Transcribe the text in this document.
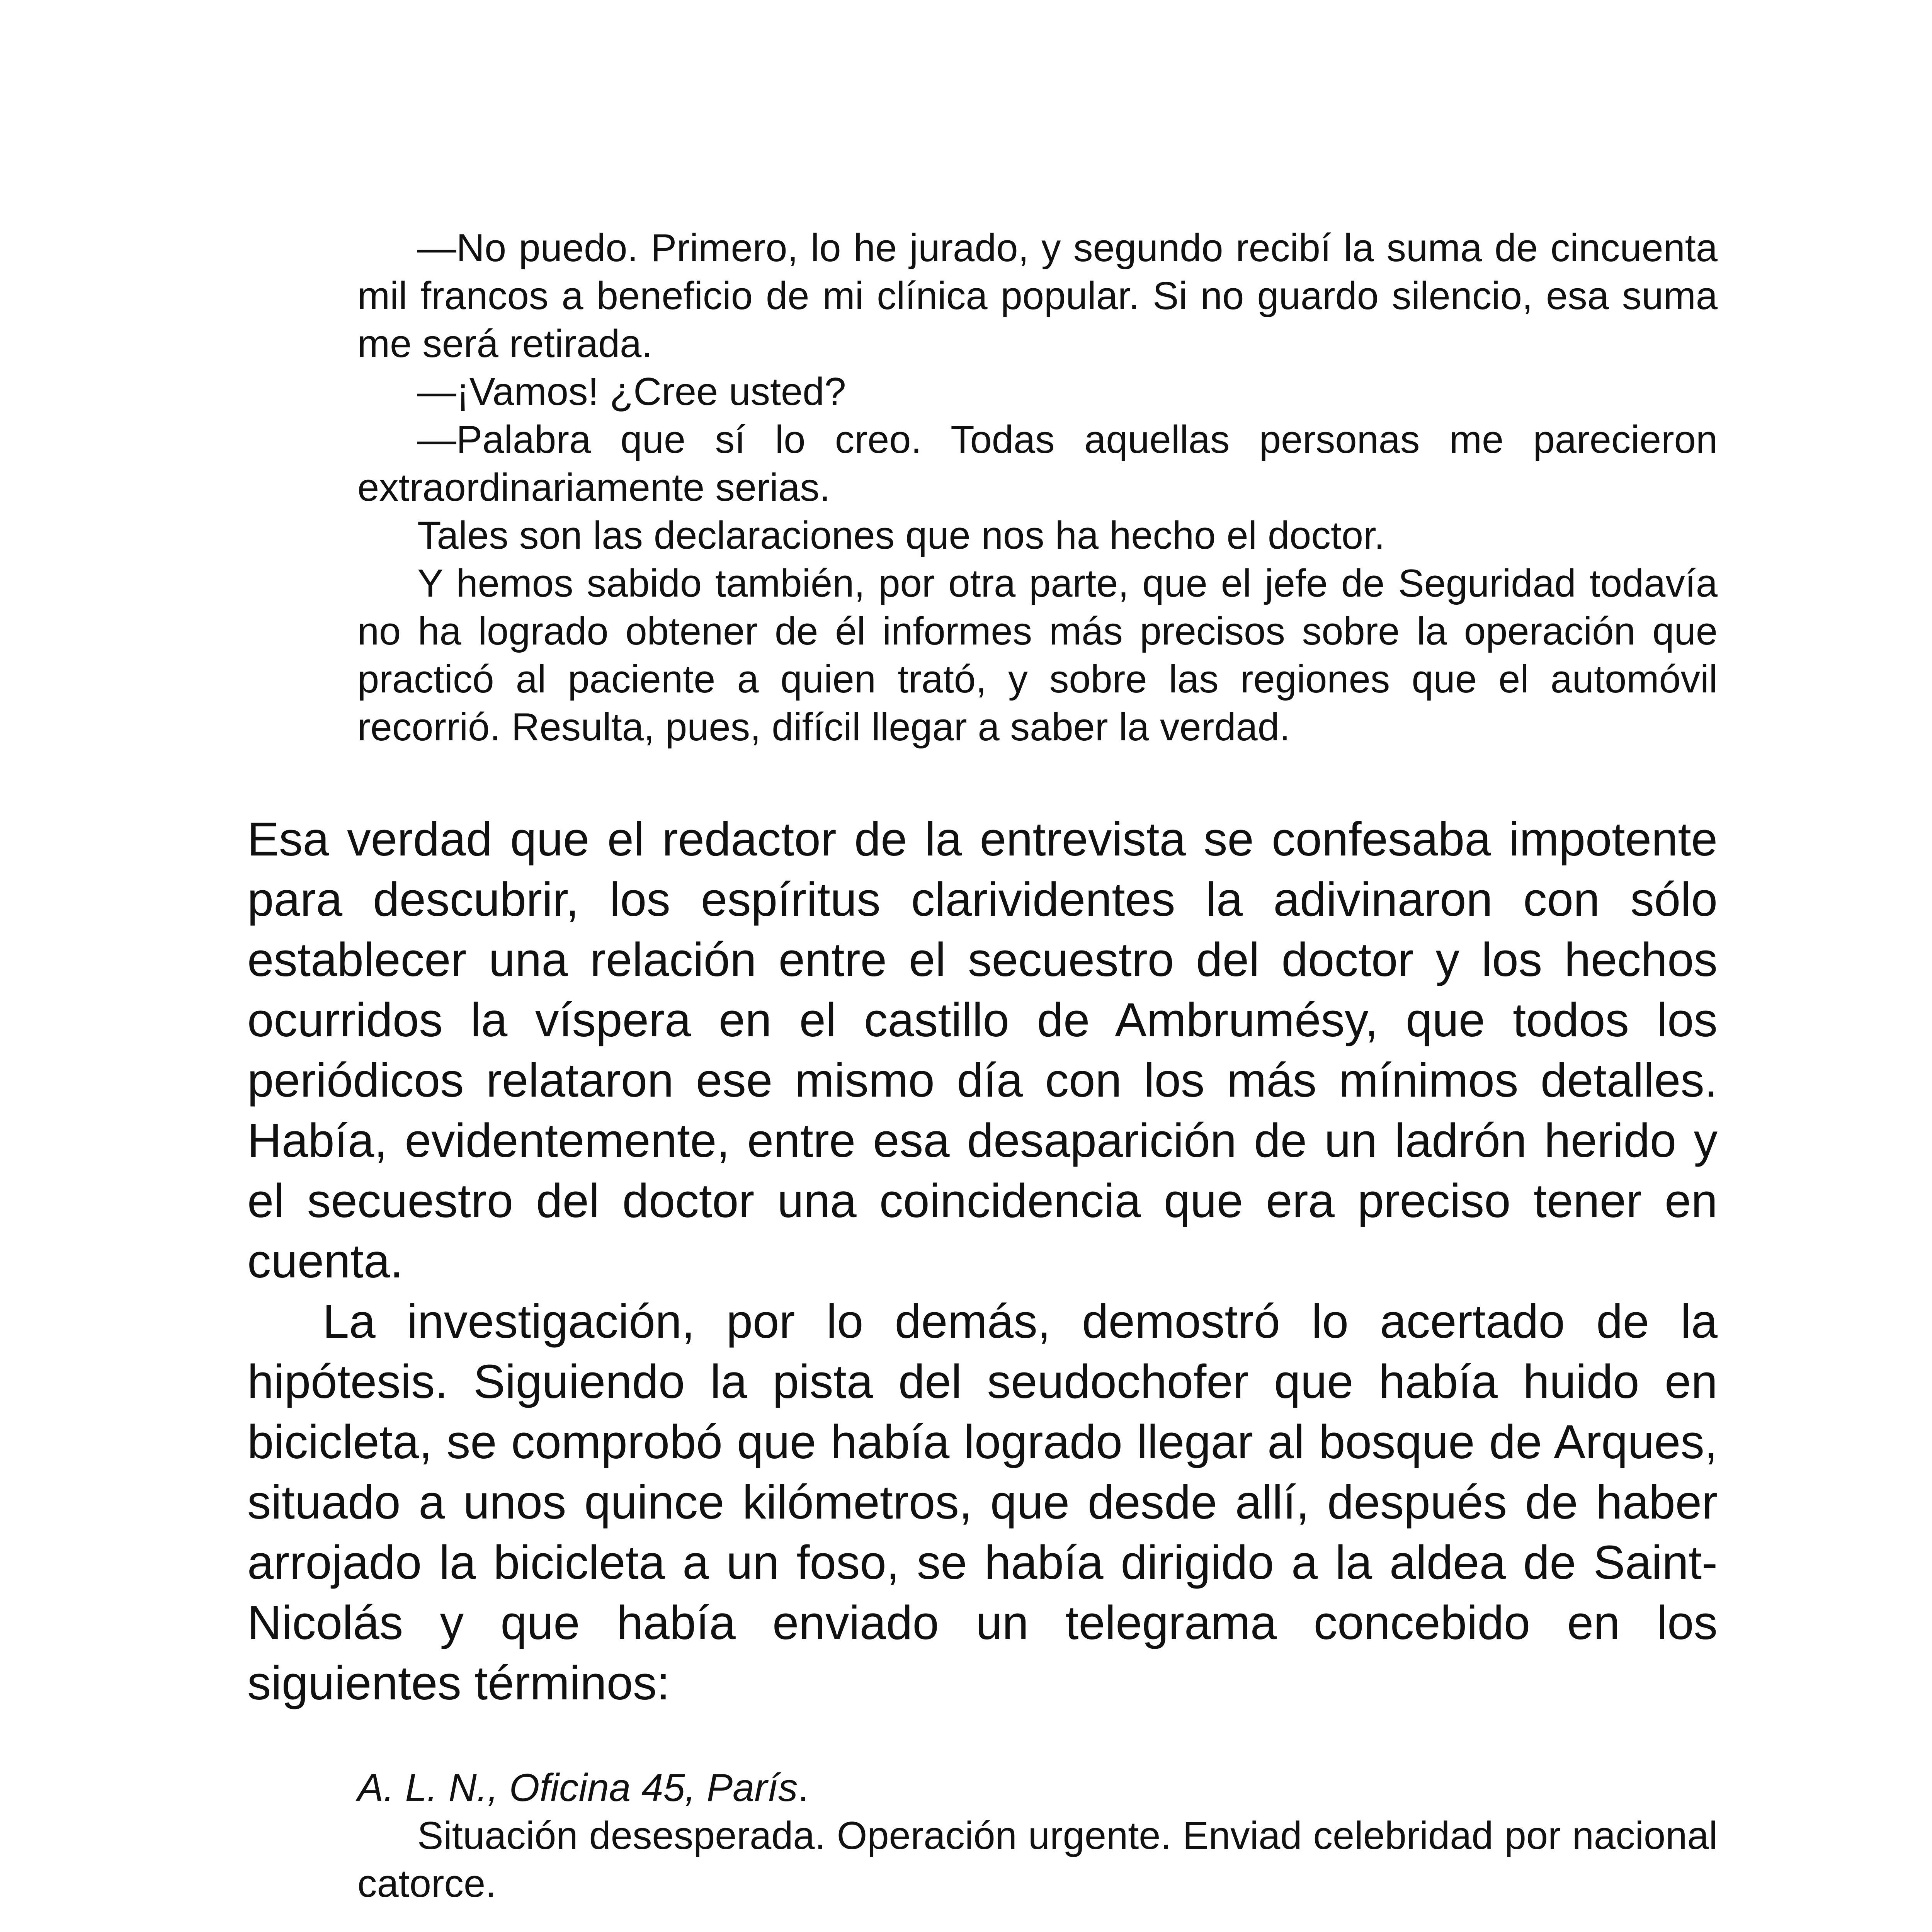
—No puedo. Primero, lo he jurado, y segundo recibí la suma de cincuenta mil francos a beneficio de mi clínica popular. Si no guardo silencio, esa suma me será retirada.

—¡Vamos! ¿Cree usted?

—Palabra que sí lo creo. Todas aquellas personas me parecieron extraordinariamente serias.

Tales son las declaraciones que nos ha hecho el doctor.

Y hemos sabido también, por otra parte, que el jefe de Seguridad todavía no ha logrado obtener de él informes más precisos sobre la operación que practicó al paciente a quien trató, y sobre las regiones que el automóvil recorrió. Resulta, pues, difícil llegar a saber la verdad.

Esa verdad que el redactor de la entrevista se confesaba impotente para descubrir, los espíritus clarividentes la adivinaron con sólo establecer una relación entre el secuestro del doctor y los hechos ocurridos la víspera en el castillo de Ambrumésy, que todos los periódicos relataron ese mismo día con los más mínimos detalles. Había, evidentemente, entre esa desaparición de un ladrón herido y el secuestro del doctor una coincidencia que era preciso tener en cuenta.

La investigación, por lo demás, demostró lo acertado de la hipótesis. Siguiendo la pista del seudochofer que había huido en bicicleta, se comprobó que había logrado llegar al bosque de Arques, situado a unos quince kilómetros, que desde allí, después de haber arrojado la bicicleta a un foso, se había dirigido a la aldea de Saint-Nicolás y que había enviado un telegrama concebido en los siguientes términos:

A. L. N., Oficina 45, París.

Situación desesperada. Operación urgente. Enviad celebridad por nacional catorce.
